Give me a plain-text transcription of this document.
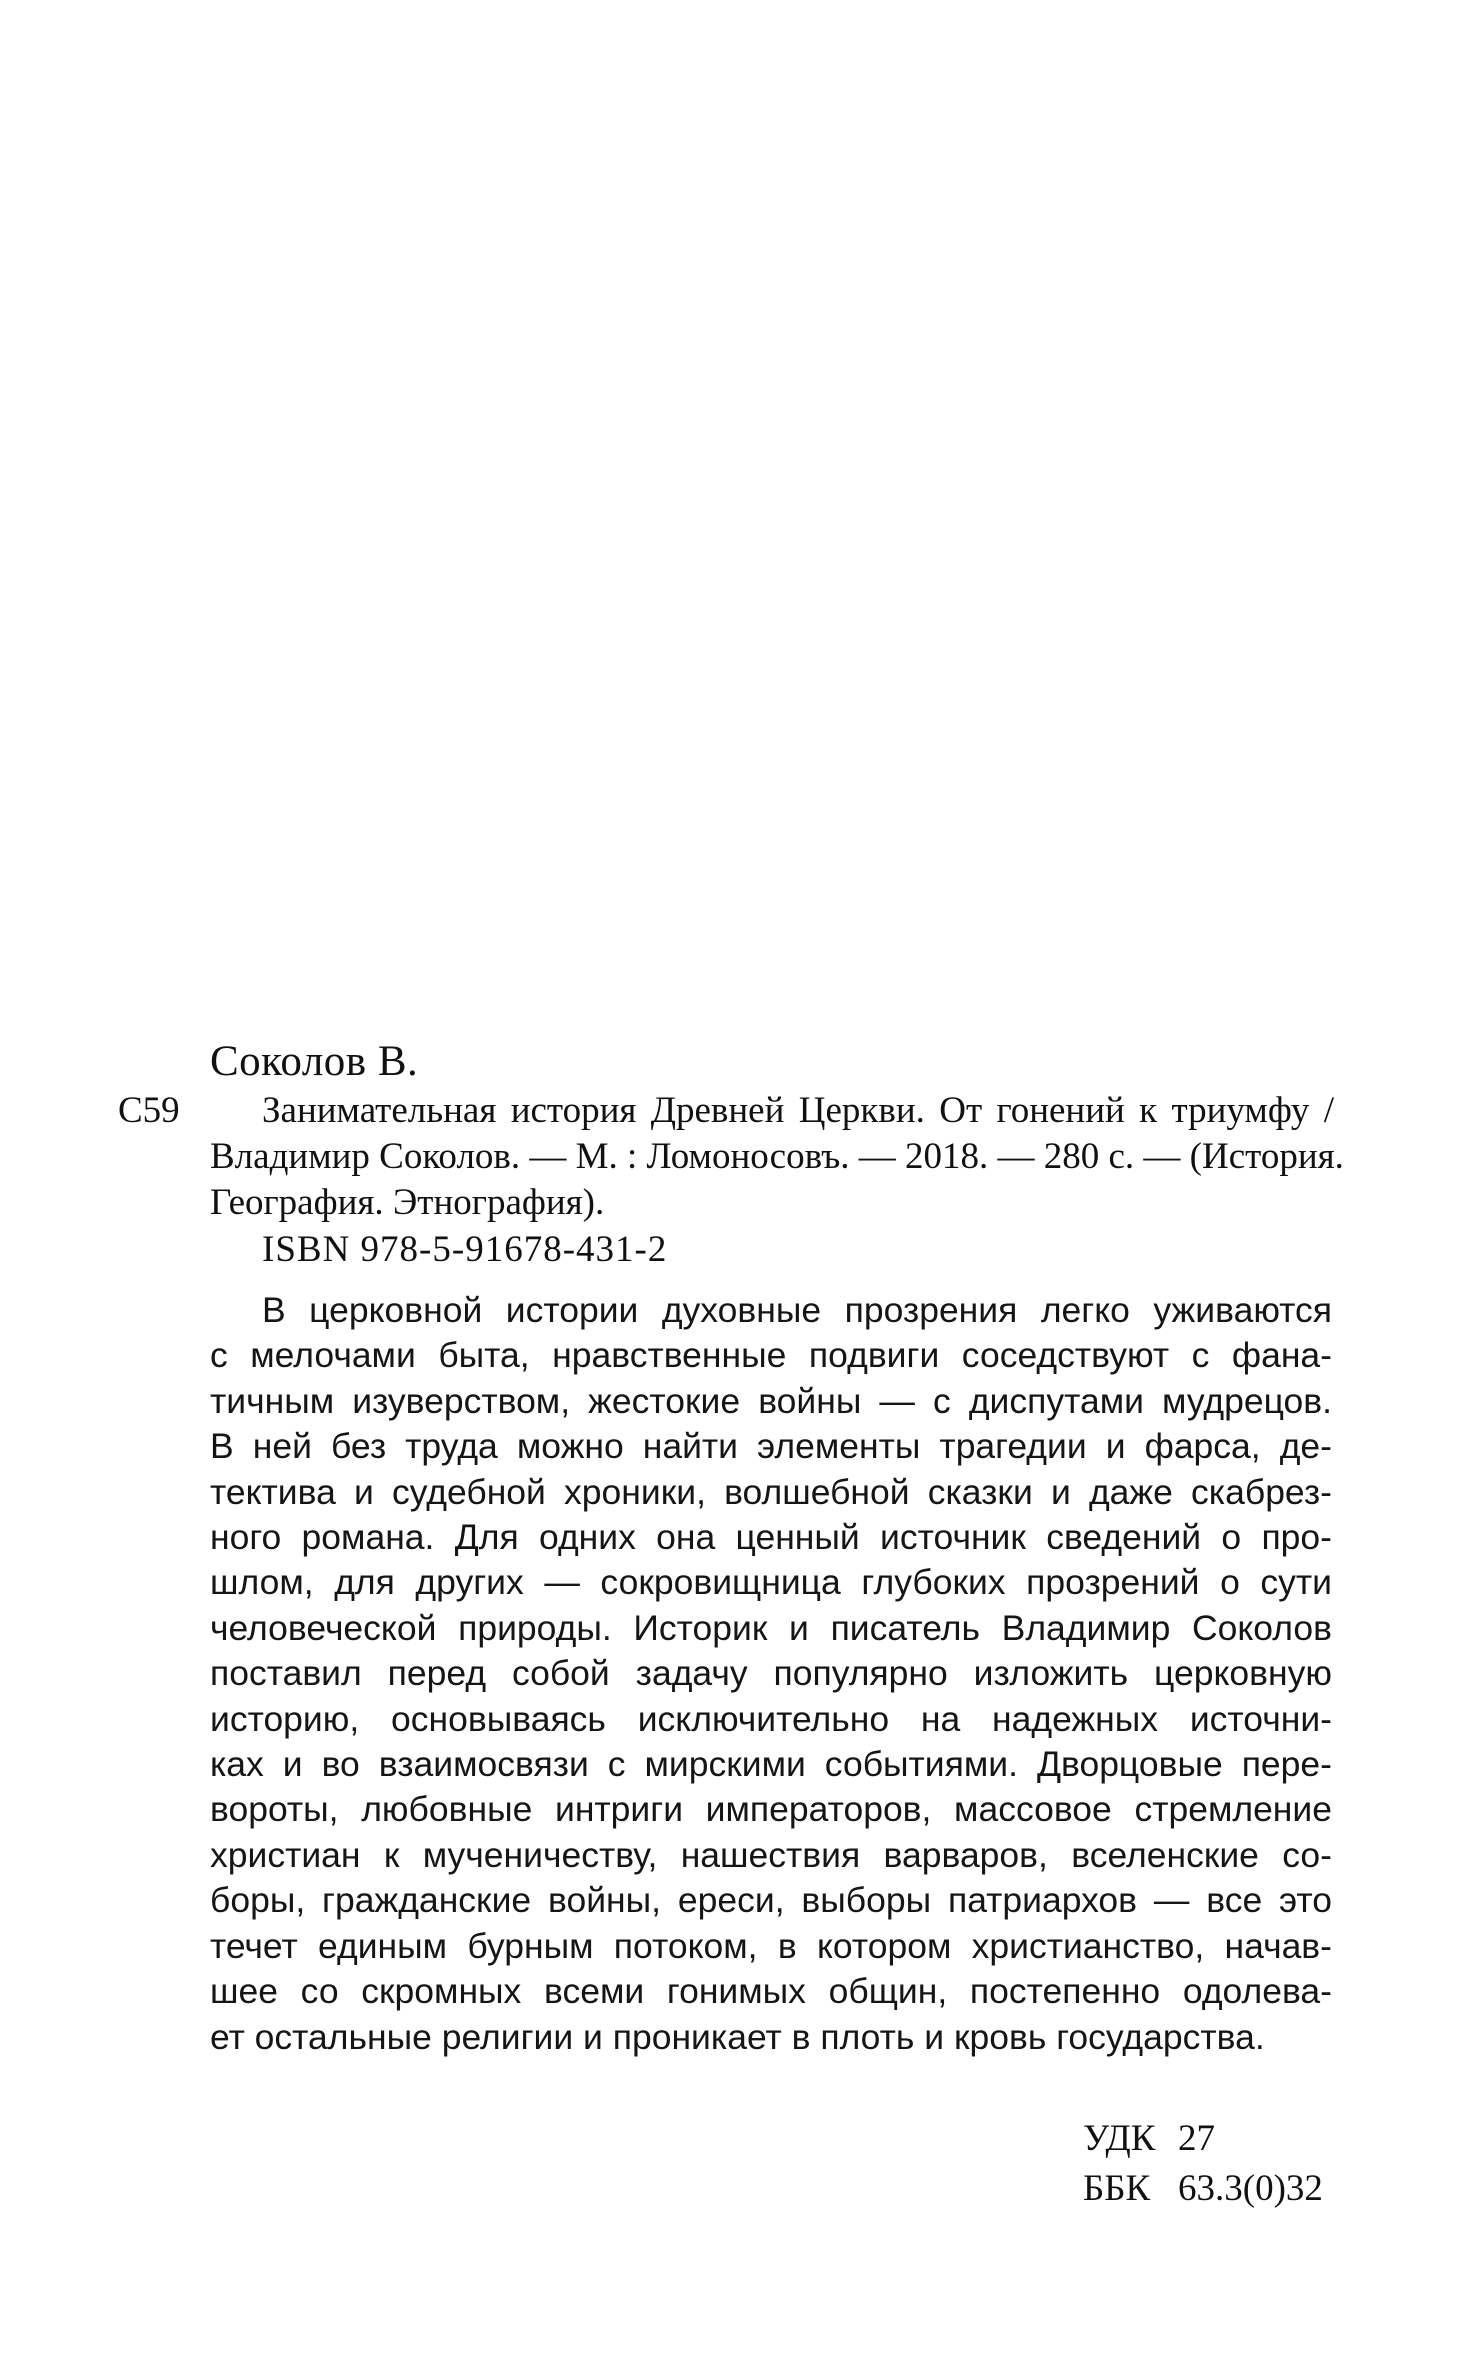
Соколов В.
С59	Занимательная история Древней Церкви. От гонений к триумфу /
Владимир Соколов. — М. : Ломоносовъ. — 2018. — 280 с. — (История.
География. Этнография).
ISBN 978-5-91678-431-2
В церковной истории духовные прозрения легко уживаются
с мелочами быта, нравственные подвиги соседствуют с фана-
тичным изуверством, жестокие войны — с диспутами мудрецов.
В ней без труда можно найти элементы трагедии и фарса, де-
тектива и судебной хроники, волшебной сказки и даже скабрез-
ного романа. Для одних она ценный источник сведений о про-
шлом, для других — сокровищница глубоких прозрений о сути
человеческой природы. Историк и писатель Владимир Соколов
поставил перед собой задачу популярно изложить церковную
историю, основываясь исключительно на надежных источни-
ках и во взаимосвязи с мирскими событиями. Дворцовые пере-
вороты, любовные интриги императоров, массовое стремление
христиан к мученичеству, нашествия варваров, вселенские со-
боры, гражданские войны, ереси, выборы патриархов — все это
течет единым бурным потоком, в котором христианство, начав-
шее со скромных всеми гонимых общин, постепенно одолева-
ет остальные религии и проникает в плоть и кровь государства.
УДК 27
ББК 63.3(0)32
